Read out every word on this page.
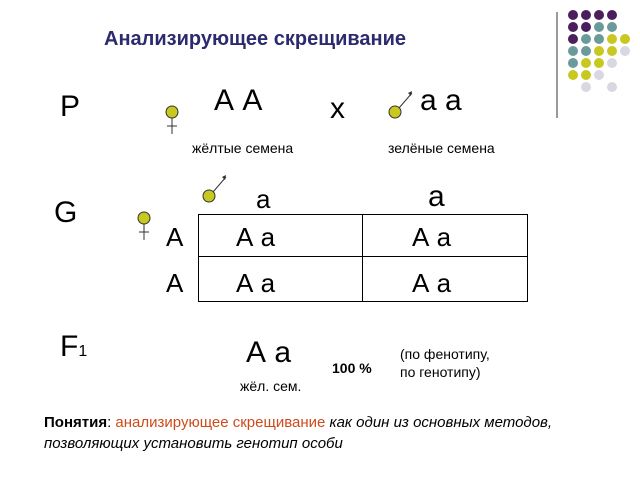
Анализирующее скрещивание
P	А А х	а а
жёлтые семена	зелёные семена
G	а	а
А
А
А а	А а
А а	А а
F1	А а	100 %
(по фенотипу,
по генотипу)
жёл. сем.
Понятия: анализирующее скрещивание как один из основных методов, позволяющих установить генотип особи
